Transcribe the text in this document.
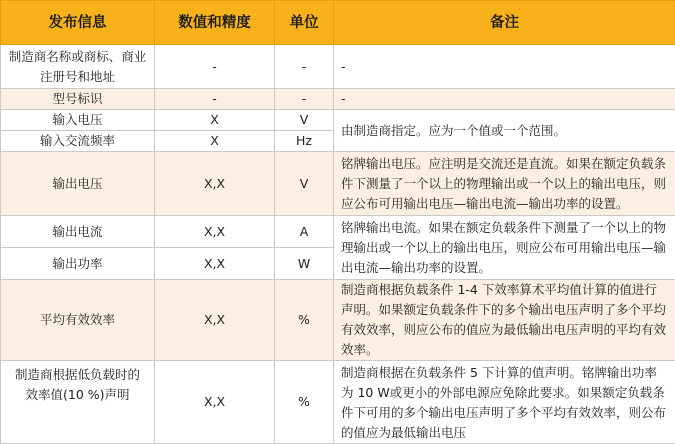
发布信息	数值和精度	单位	备注
制造商名称或商标、商业注册号和地址	-	-	-
型号标识	-	-	-
输入电压	X	V	由制造商指定。应为一个值或一个范围。
输入交流频率	X	Hz	
输出电压	X,X	V	铭牌输出电压。应注明是交流还是直流。如果在额定负载条件下测量了一个以上的物理输出或一个以上的输出电压，则应公布可用输出电压—输出电流—输出功率的设置。
输出电流	X,X	A	铭牌输出电流。如果在额定负载条件下测量了一个以上的物理输出或一个以上的输出电压，则应公布可用输出电压—输出电流—输出功率的设置。
输出功率	X,X	W	
平均有效效率	X,X	%	制造商根据负载条件 1-4 下效率算术平均值计算的值进行声明。如果额定负载条件下的多个输出电压声明了多个平均有效效率，则应公布的值应为最低输出电压声明的平均有效效率。
制造商根据低负载时的效率值(10 %)声明	X,X	%	制造商根据在负载条件 5 下计算的值声明。铭牌输出功率为 10 W或更小的外部电源应免除此要求。如果额定负载条件下可用的多个输出电压声明了多个平均有效效率，则公布的值应为最低输出电压
